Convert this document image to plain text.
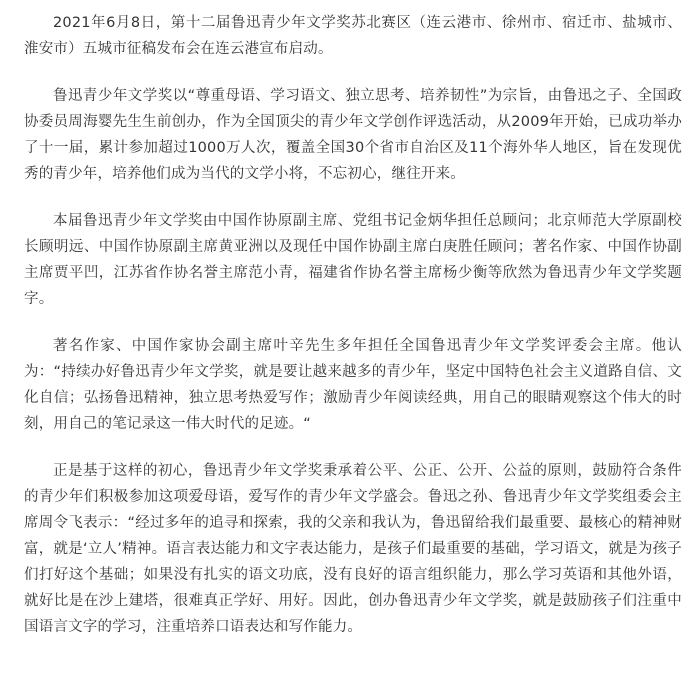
2021年6月8日，第十二届鲁迅青少年文学奖苏北赛区（连云港市、徐州市、宿迁市、盐城市、淮安市）五城市征稿发布会在连云港宣布启动。

鲁迅青少年文学奖以“尊重母语、学习语文、独立思考、培养韧性”为宗旨，由鲁迅之子、全国政协委员周海婴先生生前创办，作为全国顶尖的青少年文学创作评选活动，从2009年开始，已成功举办了十一届，累计参加超过1000万人次，覆盖全国30个省市自治区及11个海外华人地区，旨在发现优秀的青少年，培养他们成为当代的文学小将，不忘初心，继往开来。

本届鲁迅青少年文学奖由中国作协原副主席、党组书记金炳华担任总顾问；北京师范大学原副校长顾明远、中国作协原副主席黄亚洲以及现任中国作协副主席白庚胜任顾问；著名作家、中国作协副主席贾平凹，江苏省作协名誉主席范小青，福建省作协名誉主席杨少衡等欣然为鲁迅青少年文学奖题字。

著名作家、中国作家协会副主席叶辛先生多年担任全国鲁迅青少年文学奖评委会主席。他认为：“持续办好鲁迅青少年文学奖，就是要让越来越多的青少年，坚定中国特色社会主义道路自信、文化自信；弘扬鲁迅精神，独立思考热爱写作；激励青少年阅读经典，用自己的眼睛观察这个伟大的时刻，用自己的笔记录这一伟大时代的足迹。“

正是基于这样的初心，鲁迅青少年文学奖秉承着公平、公正、公开、公益的原则，鼓励符合条件的青少年们积极参加这项爱母语，爱写作的青少年文学盛会。鲁迅之孙、鲁迅青少年文学奖组委会主席周令飞表示：“经过多年的追寻和探索，我的父亲和我认为，鲁迅留给我们最重要、最核心的精神财富，就是‘立人’精神。语言表达能力和文字表达能力，是孩子们最重要的基础，学习语文，就是为孩子们打好这个基础；如果没有扎实的语文功底，没有良好的语言组织能力，那么学习英语和其他外语，就好比是在沙上建塔，很难真正学好、用好。因此，创办鲁迅青少年文学奖，就是鼓励孩子们注重中国语言文字的学习，注重培养口语表达和写作能力。
